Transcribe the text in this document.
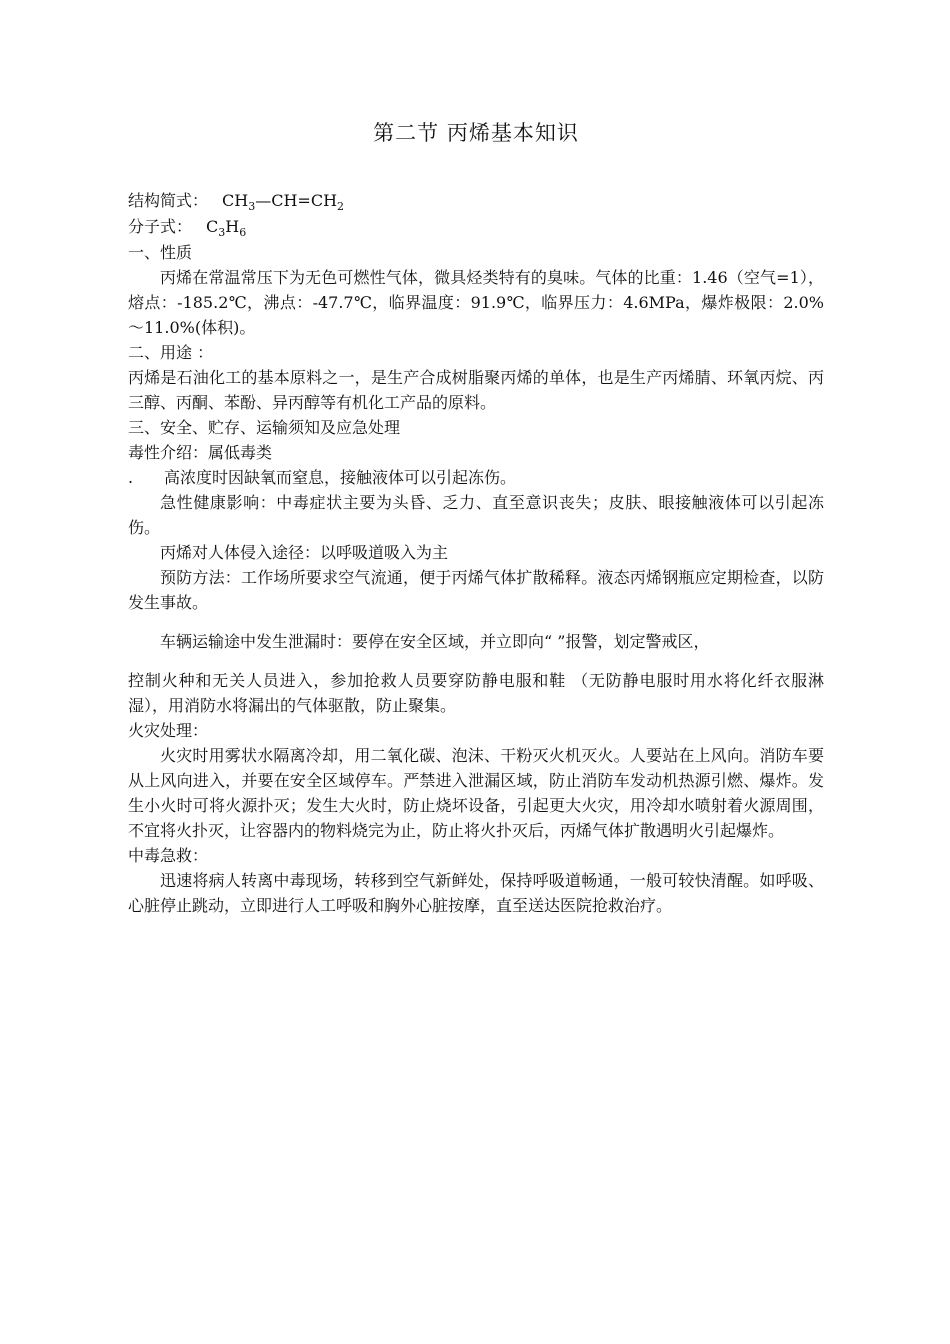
第二节 丙烯基本知识

结构简式： $CH_3—CH=CH_2$

分子式： $C_3H_6$

一、性质

丙烯在常温常压下为无色可燃性气体，微具烃类特有的臭味。气体的比重：1.46（空气=1），熔点：-185.2℃，沸点：-47.7℃，临界温度：91.9℃，临界压力：4.6MPa，爆炸极限：2.0%～11.0%(体积)。

二、用途 ：

丙烯是石油化工的基本原料之一，是生产合成树脂聚丙烯的单体，也是生产丙烯腈、环氧丙烷、丙三醇、丙酮、苯酚、异丙醇等有机化工产品的原料。

三、安全、贮存、运输须知及应急处理

毒性介绍：属低毒类

. 高浓度时因缺氧而窒息，接触液体可以引起冻伤。

急性健康影响：中毒症状主要为头昏、乏力、直至意识丧失；皮肤、眼接触液体可以引起冻伤。

丙烯对人体侵入途径：以呼吸道吸入为主

预防方法：工作场所要求空气流通，便于丙烯气体扩散稀释。液态丙烯钢瓶应定期检查，以防发生事故。

车辆运输途中发生泄漏时：要停在安全区域，并立即向“ ”报警，划定警戒区，

控制火种和无关人员进入，参加抢救人员要穿防静电服和鞋 （无防静电服时用水将化纤衣服淋湿），用消防水将漏出的气体驱散，防止聚集。

火灾处理：

火灾时用雾状水隔离冷却，用二氧化碳、泡沫、干粉灭火机灭火。人要站在上风向。消防车要从上风向进入，并要在安全区域停车。严禁进入泄漏区域，防止消防车发动机热源引燃、爆炸。发生小火时可将火源扑灭；发生大火时，防止烧坏设备，引起更大火灾，用冷却水喷射着火源周围，不宜将火扑灭，让容器内的物料烧完为止，防止将火扑灭后，丙烯气体扩散遇明火引起爆炸。

中毒急救：

迅速将病人转离中毒现场，转移到空气新鲜处，保持呼吸道畅通，一般可较快清醒。如呼吸、心脏停止跳动，立即进行人工呼吸和胸外心脏按摩，直至送达医院抢救治疗。
